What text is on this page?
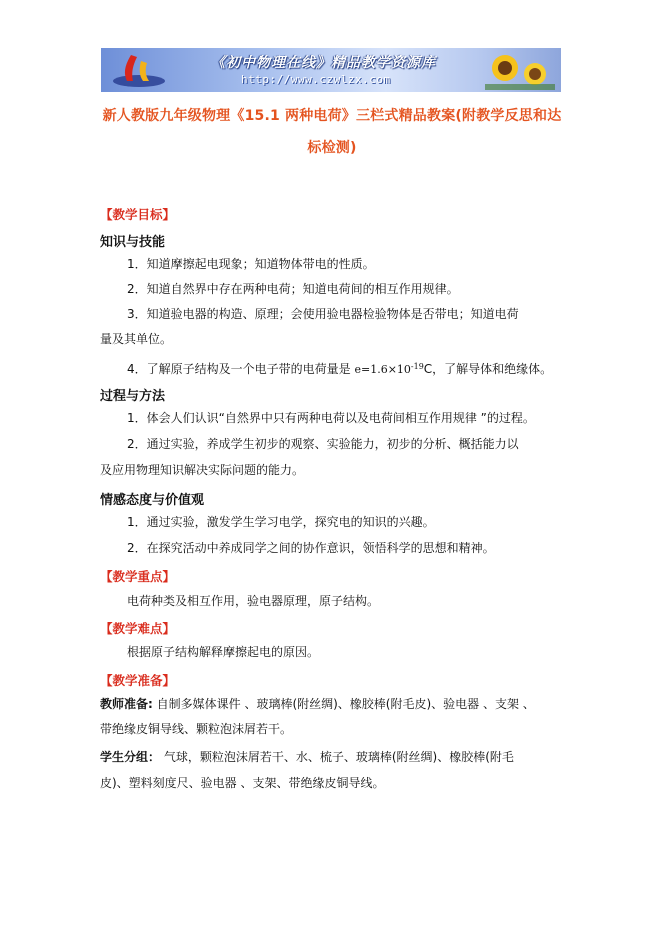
《初中物理在线》精品教学资源库
http://www.czwlzx.com
新人教版九年级物理《15.1 两种电荷》三栏式精品教案(附教学反思和达标检测)
【教学目标】
知识与技能
1．知道摩擦起电现象；知道物体带电的性质。
2．知道自然界中存在两种电荷；知道电荷间的相互作用规律。
3．知道验电器的构造、原理；会使用验电器检验物体是否带电；知道电荷
量及其单位。
4．了解原子结构及一个电子带的电荷量是 $e=1.6\times 10^{-19}C$，了解导体和绝缘体。
过程与方法
1．体会人们认识“自然界中只有两种电荷以及电荷间相互作用规律 ”的过程。
2．通过实验，养成学生初步的观察、实验能力，初步的分析、概括能力以
及应用物理知识解决实际问题的能力。
情感态度与价值观
1．通过实验，激发学生学习电学，探究电的知识的兴趣。
2．在探究活动中养成同学之间的协作意识，领悟科学的思想和精神。
【教学重点】
电荷种类及相互作用，验电器原理，原子结构。
【教学难点】
根据原子结构解释摩擦起电的原因。
【教学准备】
教师准备: 自制多媒体课件 、玻璃棒(附丝绸)、橡胶棒(附毛皮)、验电器 、支架 、
带绝缘皮铜导线、颗粒泡沫屑若干。
学生分组： 气球，颗粒泡沫屑若干、水、梳子、玻璃棒(附丝绸)、橡胶棒(附毛
皮)、塑料刻度尺、验电器 、支架、带绝缘皮铜导线。
